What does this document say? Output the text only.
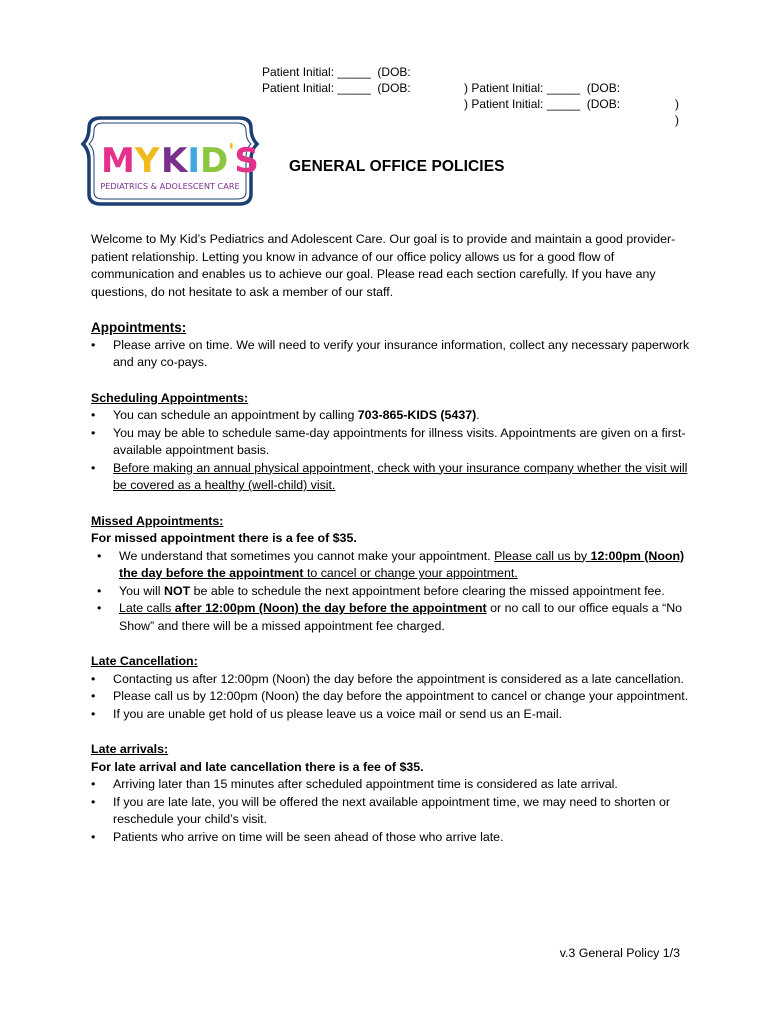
Patient Initial: _____  (DOB:

) Patient Initial: _____  (DOB:

)

Patient Initial: _____  (DOB:

) Patient Initial: _____  (DOB:

)

MY KID'S
PEDIATRICS & ADOLESCENT CARE
GENERAL OFFICE POLICIES

Welcome to My Kid’s Pediatrics and Adolescent Care. Our goal is to provide and maintain a good provider-patient relationship. Letting you know in advance of our office policy allows us for a good flow of communication and enables us to achieve our goal. Please read each section carefully. If you have any questions, do not hesitate to ask a member of our staff.

Appointments:
• Please arrive on time. We will need to verify your insurance information, collect any necessary paperwork and any co-pays.
Scheduling Appointments:
• You can schedule an appointment by calling 703-865-KIDS (5437).
• You may be able to schedule same-day appointments for illness visits. Appointments are given on a first-available appointment basis.
• Before making an annual physical appointment, check with your insurance company whether the visit will be covered as a healthy (well-child) visit.
Missed Appointments:
For missed appointment there is a fee of $35.
• We understand that sometimes you cannot make your appointment. Please call us by 12:00pm (Noon) the day before the appointment to cancel or change your appointment.
• You will NOT be able to schedule the next appointment before clearing the missed appointment fee.
• Late calls after 12:00pm (Noon) the day before the appointment or no call to our office equals a “No Show” and there will be a missed appointment fee charged.
Late Cancellation:
• Contacting us after 12:00pm (Noon) the day before the appointment is considered as a late cancellation.
• Please call us by 12:00pm (Noon) the day before the appointment to cancel or change your appointment.
• If you are unable get hold of us please leave us a voice mail or send us an E-mail.
Late arrivals:
For late arrival and late cancellation there is a fee of $35.
• Arriving later than 15 minutes after scheduled appointment time is considered as late arrival.
• If you are late late, you will be offered the next available appointment time, we may need to shorten or reschedule your child’s visit.
• Patients who arrive on time will be seen ahead of those who arrive late.
v.3 General Policy 1/3
